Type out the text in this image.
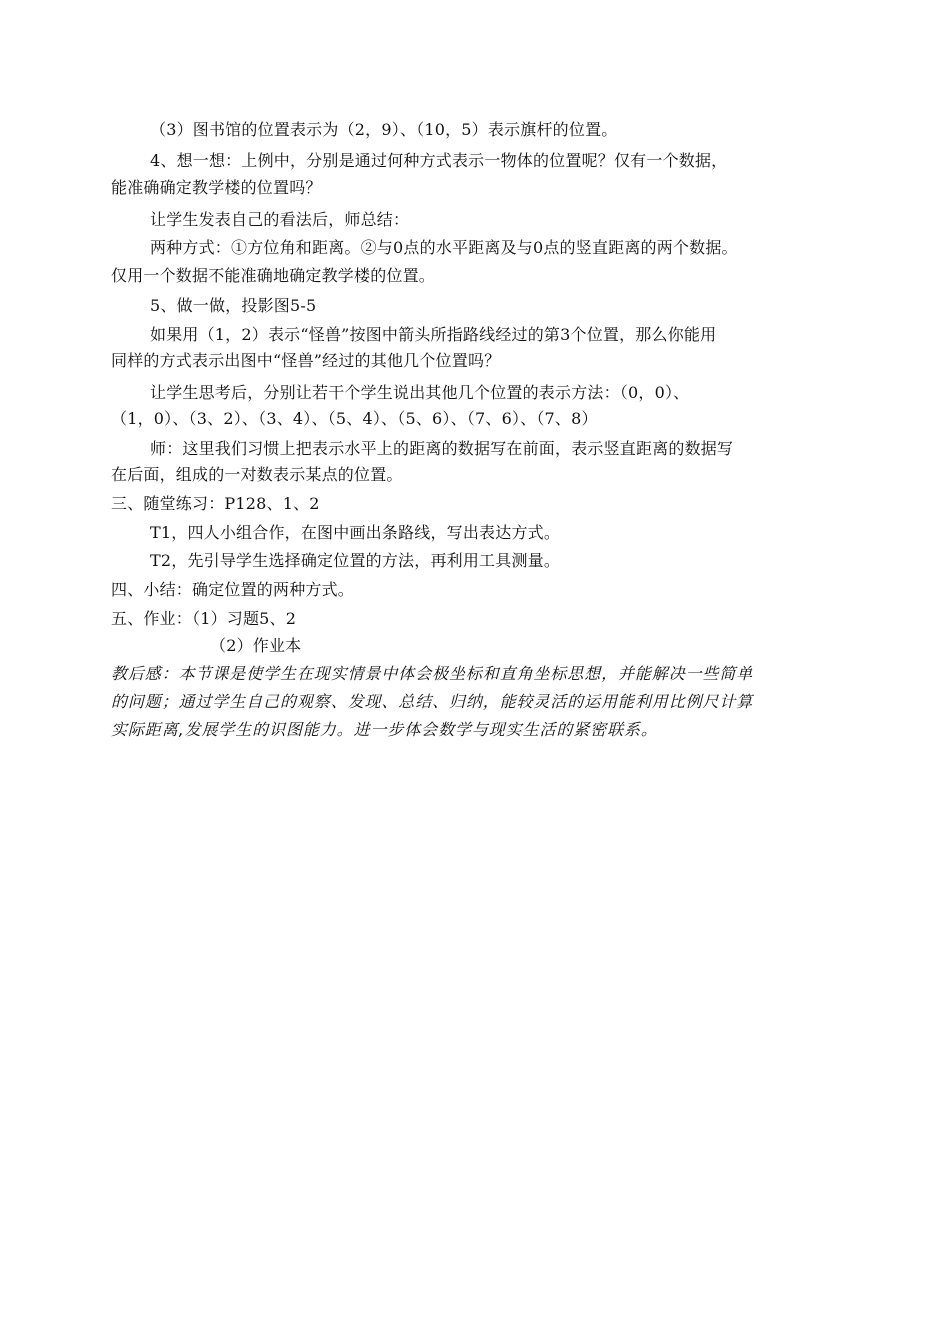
（3）图书馆的位置表示为（2，9）、（10，5）表示旗杆的位置。
4、想一想：上例中，分别是通过何种方式表示一物体的位置呢？仅有一个数据，
能准确确定教学楼的位置吗？
让学生发表自己的看法后，师总结：
两种方式：①方位角和距离。②与0点的水平距离及与0点的竖直距离的两个数据。
仅用一个数据不能准确地确定教学楼的位置。
5、做一做，投影图5-5
如果用（1，2）表示“怪兽”按图中箭头所指路线经过的第3个位置，那么你能用
同样的方式表示出图中“怪兽”经过的其他几个位置吗？
让学生思考后，分别让若干个学生说出其他几个位置的表示方法：（0，0）、
（1，0）、（3、2）、（3、4）、（5、4）、（5、6）、（7、6）、（7、8）
师：这里我们习惯上把表示水平上的距离的数据写在前面，表示竖直距离的数据写
在后面，组成的一对数表示某点的位置。
三、随堂练习：P128、1、2
T1，四人小组合作，在图中画出条路线，写出表达方式。
T2，先引导学生选择确定位置的方法，再利用工具测量。
四、小结：确定位置的两种方式。
五、作业：（1）习题5、2
（2）作业本
教后感：本节课是使学生在现实情景中体会极坐标和直角坐标思想，并能解决一些简单
的问题；通过学生自己的观察、发现、总结、归纳，能较灵活的运用能利用比例尺计算
实际距离,发展学生的识图能力。进一步体会数学与现实生活的紧密联系。
